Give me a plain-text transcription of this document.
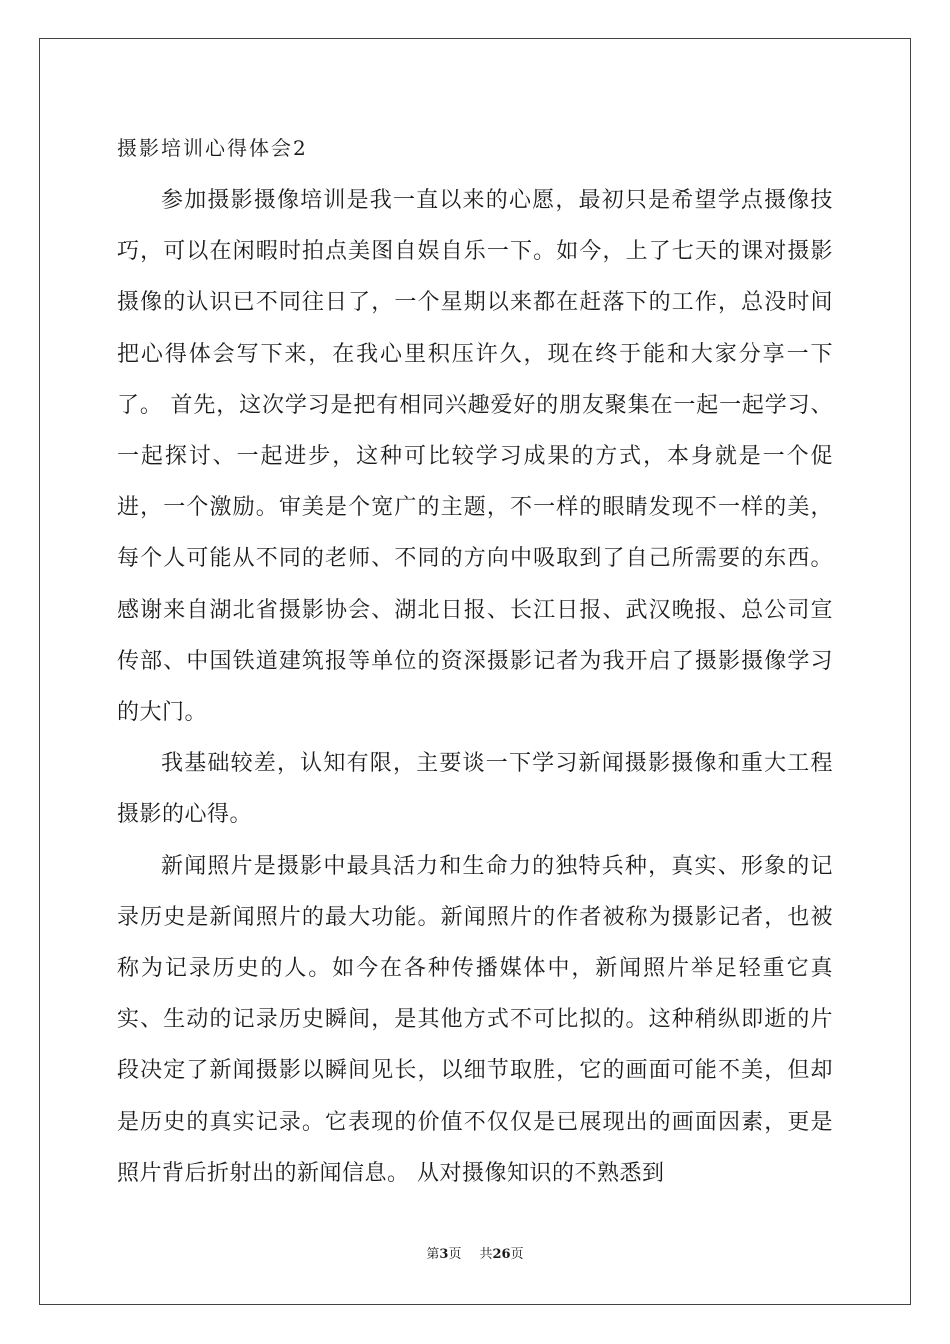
摄影培训心得体会2

参加摄影摄像培训是我一直以来的心愿，最初只是希望学点摄像技巧，可以在闲暇时拍点美图自娱自乐一下。如今，上了七天的课对摄影摄像的认识已不同往日了，一个星期以来都在赶落下的工作，总没时间把心得体会写下来，在我心里积压许久，现在终于能和大家分享一下了。 首先，这次学习是把有相同兴趣爱好的朋友聚集在一起一起学习、一起探讨、一起进步，这种可比较学习成果的方式，本身就是一个促进，一个激励。审美是个宽广的主题，不一样的眼睛发现不一样的美，每个人可能从不同的老师、不同的方向中吸取到了自己所需要的东西。感谢来自湖北省摄影协会、湖北日报、长江日报、武汉晚报、总公司宣传部、中国铁道建筑报等单位的资深摄影记者为我开启了摄影摄像学习的大门。

我基础较差，认知有限，主要谈一下学习新闻摄影摄像和重大工程摄影的心得。

新闻照片是摄影中最具活力和生命力的独特兵种，真实、形象的记录历史是新闻照片的最大功能。新闻照片的作者被称为摄影记者，也被称为记录历史的人。如今在各种传播媒体中，新闻照片举足轻重它真实、生动的记录历史瞬间，是其他方式不可比拟的。这种稍纵即逝的片段决定了新闻摄影以瞬间见长，以细节取胜，它的画面可能不美，但却是历史的真实记录。它表现的价值不仅仅是已展现出的画面因素，更是照片背后折射出的新闻信息。 从对摄像知识的不熟悉到

第3页 共26页
